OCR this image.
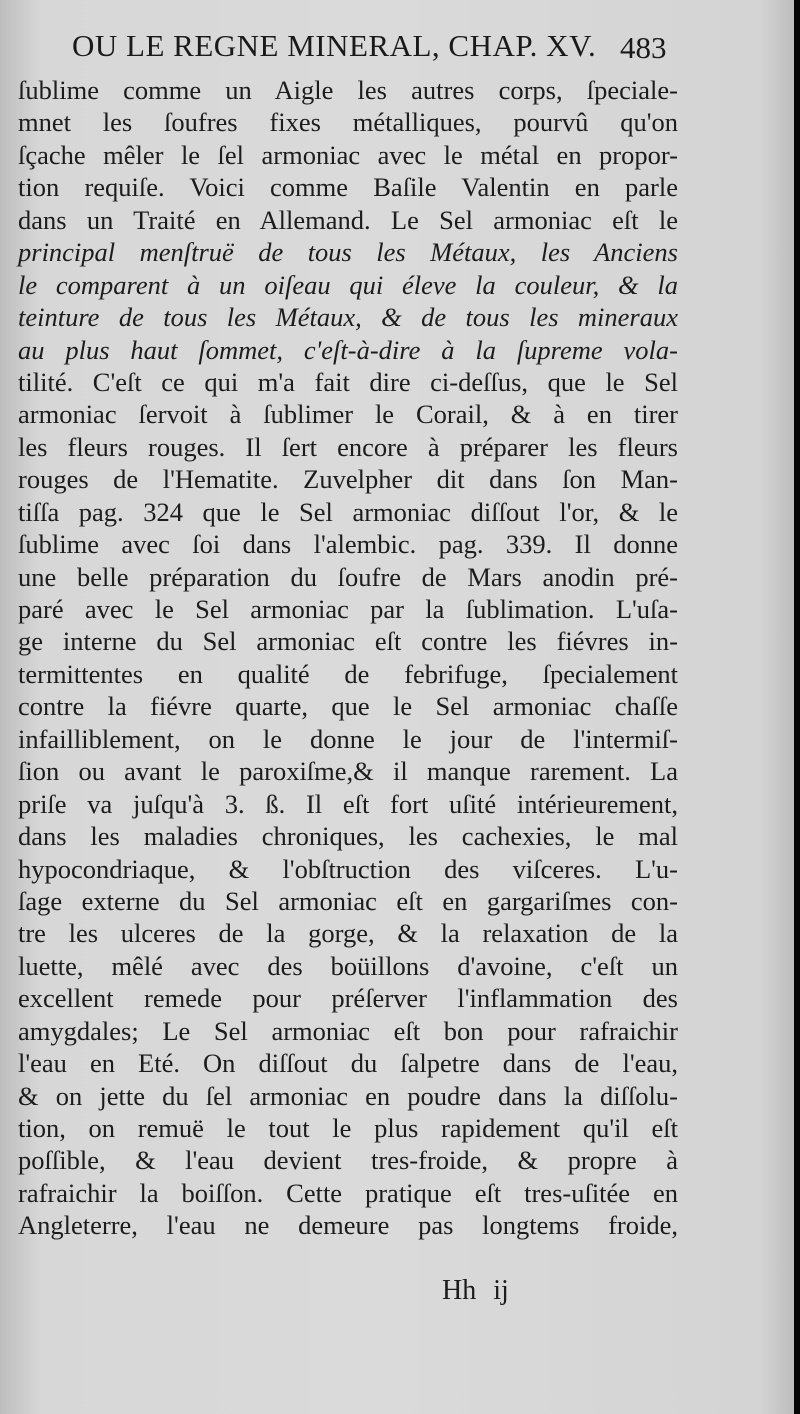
OU LE REGNE MINERAL, CHAP. XV. 483
ſublime comme un Aigle les autres corps, ſpeciale-
mnet les ſoufres fixes métalliques, pourvû qu'on
ſçache mêler le ſel armoniac avec le métal en propor-
tion requiſe. Voici comme Baſile Valentin en parle
dans un Traité en Allemand. Le Sel armoniac eſt le
principal menſtruë de tous les Métaux, les Anciens
le comparent à un oiſeau qui éleve la couleur, & la
teinture de tous les Métaux, & de tous les mineraux
au plus haut ſommet, c'eſt-à-dire à la ſupreme vola-
tilité. C'eſt ce qui m'a fait dire ci-deſſus, que le Sel
armoniac ſervoit à ſublimer le Corail, & à en tirer
les fleurs rouges. Il ſert encore à préparer les fleurs
rouges de l'Hematite. Zuvelpher dit dans ſon Man-
tiſſa pag. 324 que le Sel armoniac diſſout l'or, & le
ſublime avec ſoi dans l'alembic. pag. 339. Il donne
une belle préparation du ſoufre de Mars anodin pré-
paré avec le Sel armoniac par la ſublimation. L'uſa-
ge interne du Sel armoniac eſt contre les fiévres in-
termittentes en qualité de febrifuge, ſpecialement
contre la fiévre quarte, que le Sel armoniac chaſſe
infailliblement, on le donne le jour de l'intermiſ-
ſion ou avant le paroxiſme,& il manque rarement. La
priſe va juſqu'à 3. ß. Il eſt fort uſité intérieurement,
dans les maladies chroniques, les cachexies, le mal
hypocondriaque, & l'obſtruction des viſceres. L'u-
ſage externe du Sel armoniac eſt en gargariſmes con-
tre les ulceres de la gorge, & la relaxation de la
luette, mêlé avec des boüillons d'avoine, c'eſt un
excellent remede pour préſerver l'inflammation des
amygdales; Le Sel armoniac eſt bon pour rafraichir
l'eau en Eté. On diſſout du ſalpetre dans de l'eau,
& on jette du ſel armoniac en poudre dans la diſſolu-
tion, on remuë le tout le plus rapidement qu'il eſt
poſſible, & l'eau devient tres-froide, & propre à
rafraichir la boiſſon. Cette pratique eſt tres-uſitée en
Angleterre, l'eau ne demeure pas longtems froide,
Hh ij
